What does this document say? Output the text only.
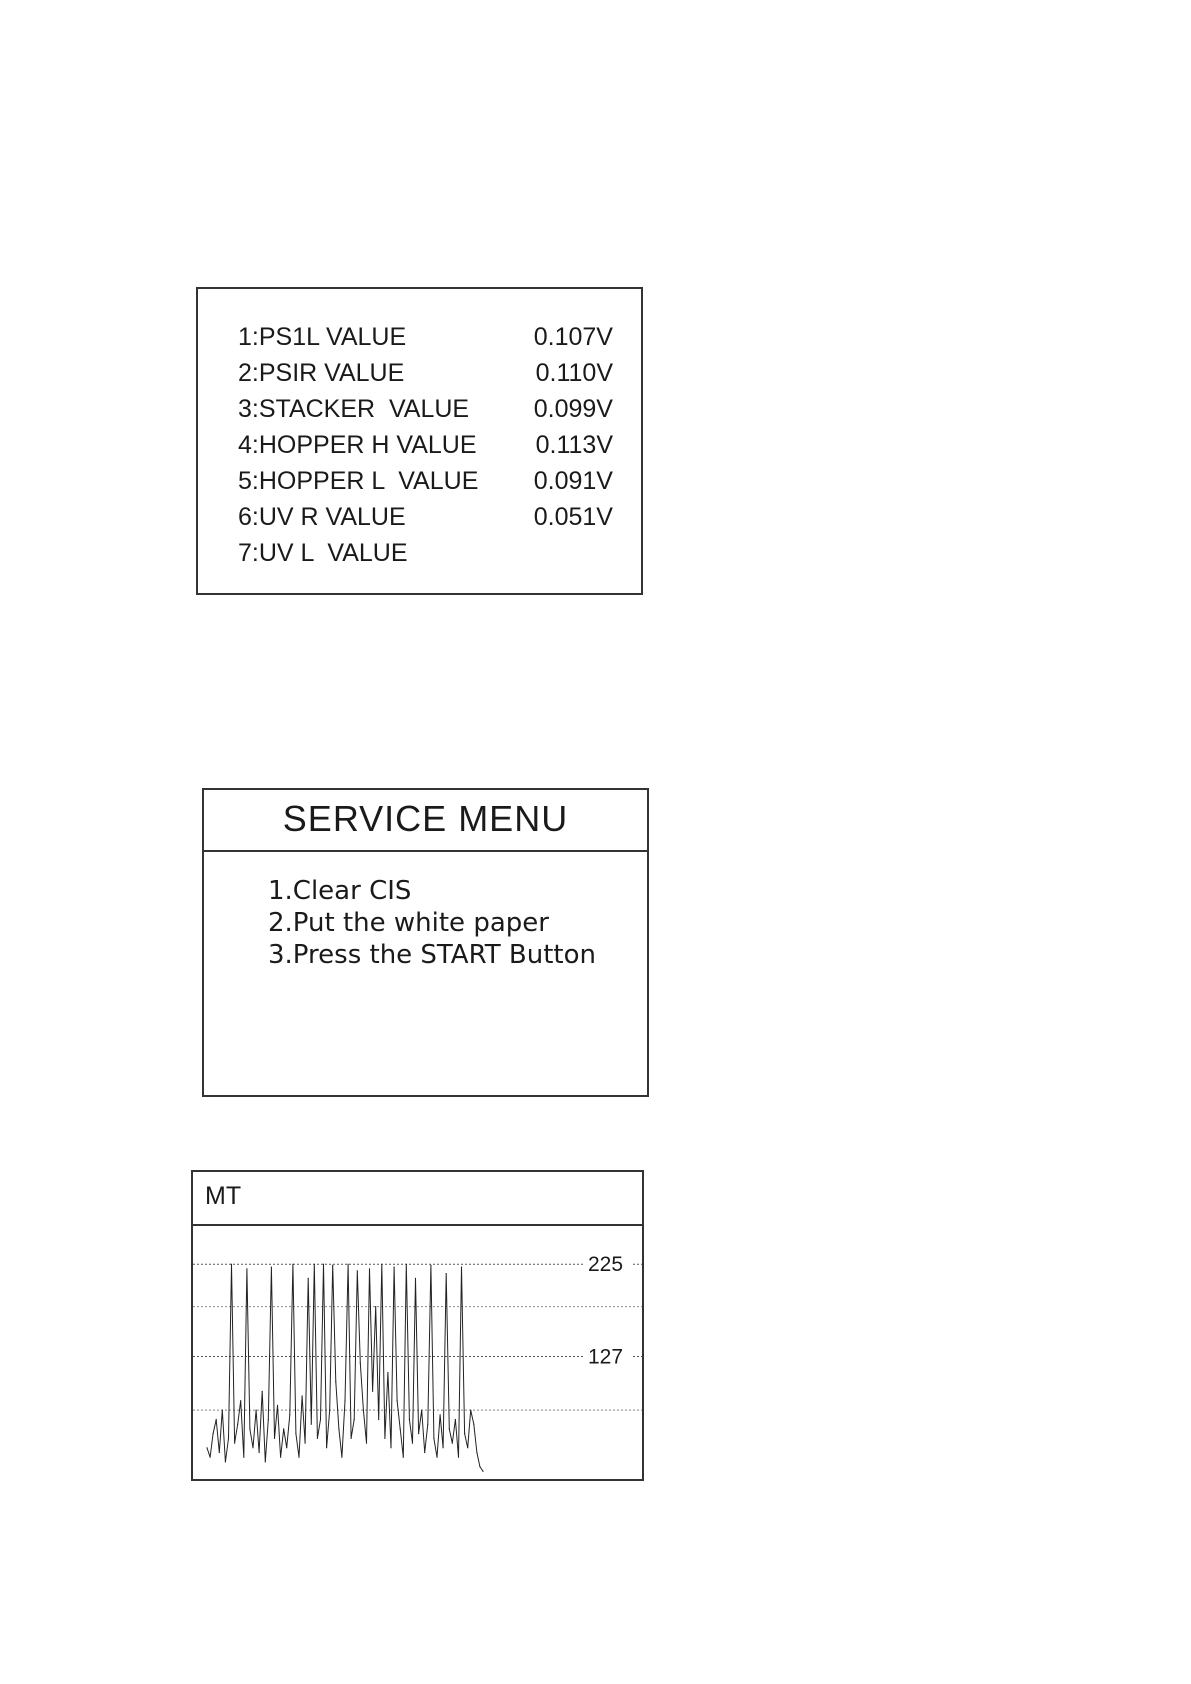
1:PS1L VALUE	0.107V
2:PSIR VALUE	0.110V
3:STACKER  VALUE	0.099V
4:HOPPER H VALUE 0.113V
5:HOPPER L  VALUE 0.091V
6:UV R VALUE	0.051V
7:UV L  VALUE
SERVICE MENU
1.Clear CIS
2.Put the white paper
3.Press the START Button
MT
225
127
